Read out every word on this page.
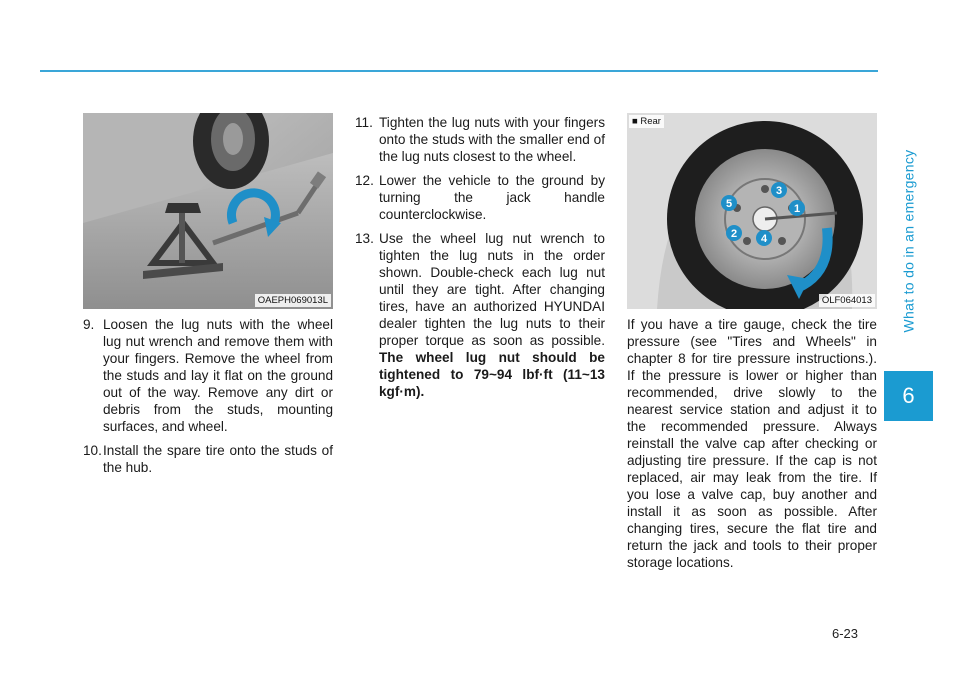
What to do in an emergency
6
OAEPH069013L
3
1
5
2 4
■ Rear
OLF064013

9. Loosen the lug nuts with the wheel lug nut wrench and remove them with your fingers. Remove the wheel from the studs and lay it flat on the ground out of the way. Remove any dirt or debris from the studs, mounting surfaces, and wheel.

10.Install the spare tire onto the studs of the hub.

11. Tighten the lug nuts with your fingers onto the studs with the smaller end of the lug nuts closest to the wheel.

12. Lower the vehicle to the ground by turning the jack handle counterclockwise.

13. Use the wheel lug nut wrench to tighten the lug nuts in the order shown. Double-check each lug nut until they are tight. After changing tires, have an authorized HYUNDAI dealer tighten the lug nuts to their proper torque as soon as possible. The wheel lug nut should be tightened to 79~94 lbf·ft (11~13 kgf·m).

If you have a tire gauge, check the tire pressure (see "Tires and Wheels" in chapter 8 for tire pressure instructions.). If the pressure is lower or higher than recommended, drive slowly to the nearest service station and adjust it to the recommended pressure. Always reinstall the valve cap after checking or adjusting tire pressure. If the cap is not replaced, air may leak from the tire. If you lose a valve cap, buy another and install it as soon as possible. After changing tires, secure the flat tire and return the jack and tools to their proper storage locations.

6-23
